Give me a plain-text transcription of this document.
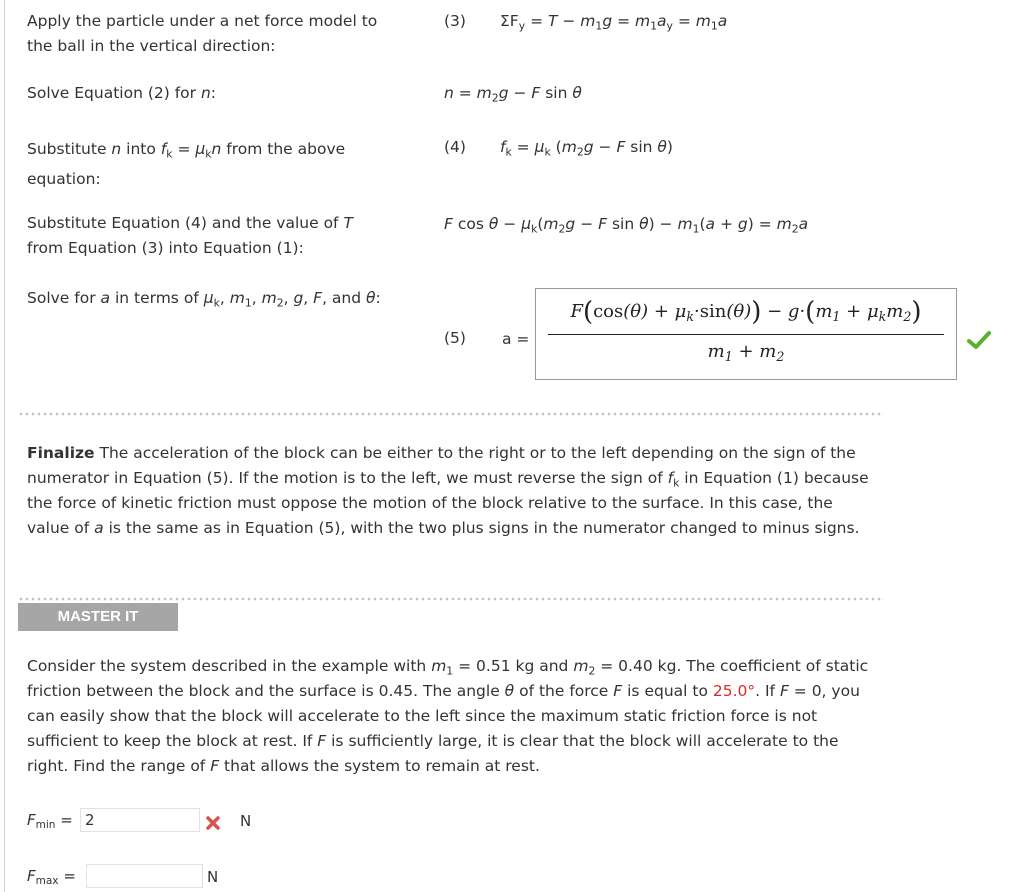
Apply the particle under a net force model to the ball in the vertical direction:
(3) $\Sigma F_y = T - m_1g = m_1a_y = m_1a$
Solve Equation (2) for n:	$n = m_2g - F$ sin θ
Substitute n into $f_k = \mu_kn$ from the above equation:
(4) $f_k = \mu_k$ ($m_2g - F$ sin θ)
Substitute Equation (4) and the value of T from Equation (3) into Equation (1):
F $\cos \theta - \mu_k(m_2g - F$ $\sin \theta) - m_1(a + g) = m_2a$
Solve for a in terms of $\mu_k$, $m_1$, $m_2$, g, F, and θ:
(5) a =
$F(\cos(\theta) + \mu_k\cdot\sin(\theta)) - g\cdot(m_1 + \mu_km_2)$
$m_1 + m_2$
Finalize The acceleration of the block can be either to the right or to the left depending on the sign of the numerator in Equation (5). If the motion is to the left, we must reverse the sign of $f_k$ in Equation (1) because the force of kinetic friction must oppose the motion of the block relative to the surface. In this case, the value of a is the same as in Equation (5), with the two plus signs in the numerator changed to minus signs.
MASTER IT
Consider the system described in the example with $m_1 = 0.51$ kg and $m_2 = 0.40$ kg. The coefficient of static friction between the block and the surface is 0.45. The angle θ of the force F is equal to 25.0°. If F = 0, you can easily show that the block will accelerate to the left since the maximum static friction force is not sufficient to keep the block at rest. If F is sufficiently large, it is clear that the block will accelerate to the right. Find the range of F that allows the system to remain at rest.
$F_{min}$ =
2	N
$F_{max}$ =	N
